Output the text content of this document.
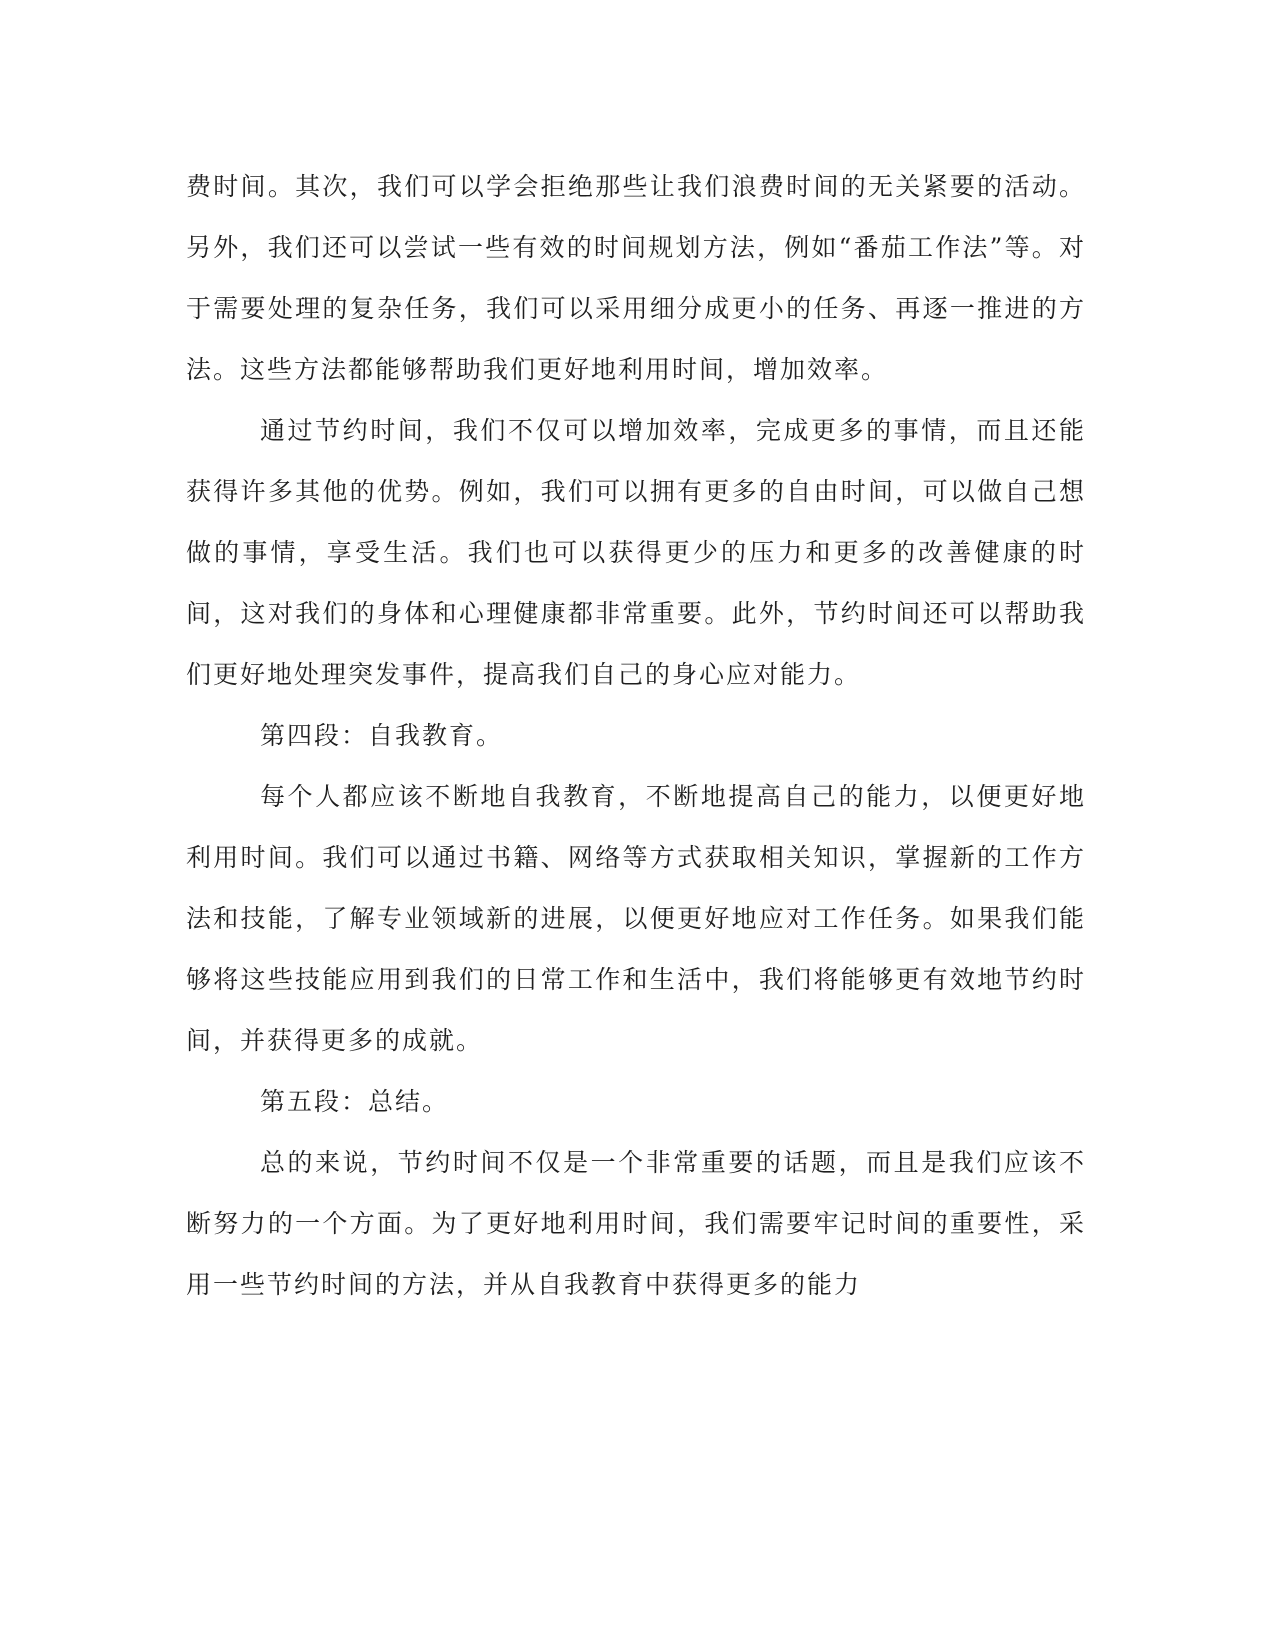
费时间。其次，我们可以学会拒绝那些让我们浪费时间的无关紧要的活动。另外，我们还可以尝试一些有效的时间规划方法，例如“番茄工作法”等。对于需要处理的复杂任务，我们可以采用细分成更小的任务、再逐一推进的方法。这些方法都能够帮助我们更好地利用时间，增加效率。

通过节约时间，我们不仅可以增加效率，完成更多的事情，而且还能获得许多其他的优势。例如，我们可以拥有更多的自由时间，可以做自己想做的事情，享受生活。我们也可以获得更少的压力和更多的改善健康的时间，这对我们的身体和心理健康都非常重要。此外，节约时间还可以帮助我们更好地处理突发事件，提高我们自己的身心应对能力。

第四段：自我教育。

每个人都应该不断地自我教育，不断地提高自己的能力，以便更好地利用时间。我们可以通过书籍、网络等方式获取相关知识，掌握新的工作方法和技能，了解专业领域新的进展，以便更好地应对工作任务。如果我们能够将这些技能应用到我们的日常工作和生活中，我们将能够更有效地节约时间，并获得更多的成就。

第五段：总结。

总的来说，节约时间不仅是一个非常重要的话题，而且是我们应该不断努力的一个方面。为了更好地利用时间，我们需要牢记时间的重要性，采用一些节约时间的方法，并从自我教育中获得更多的能力
